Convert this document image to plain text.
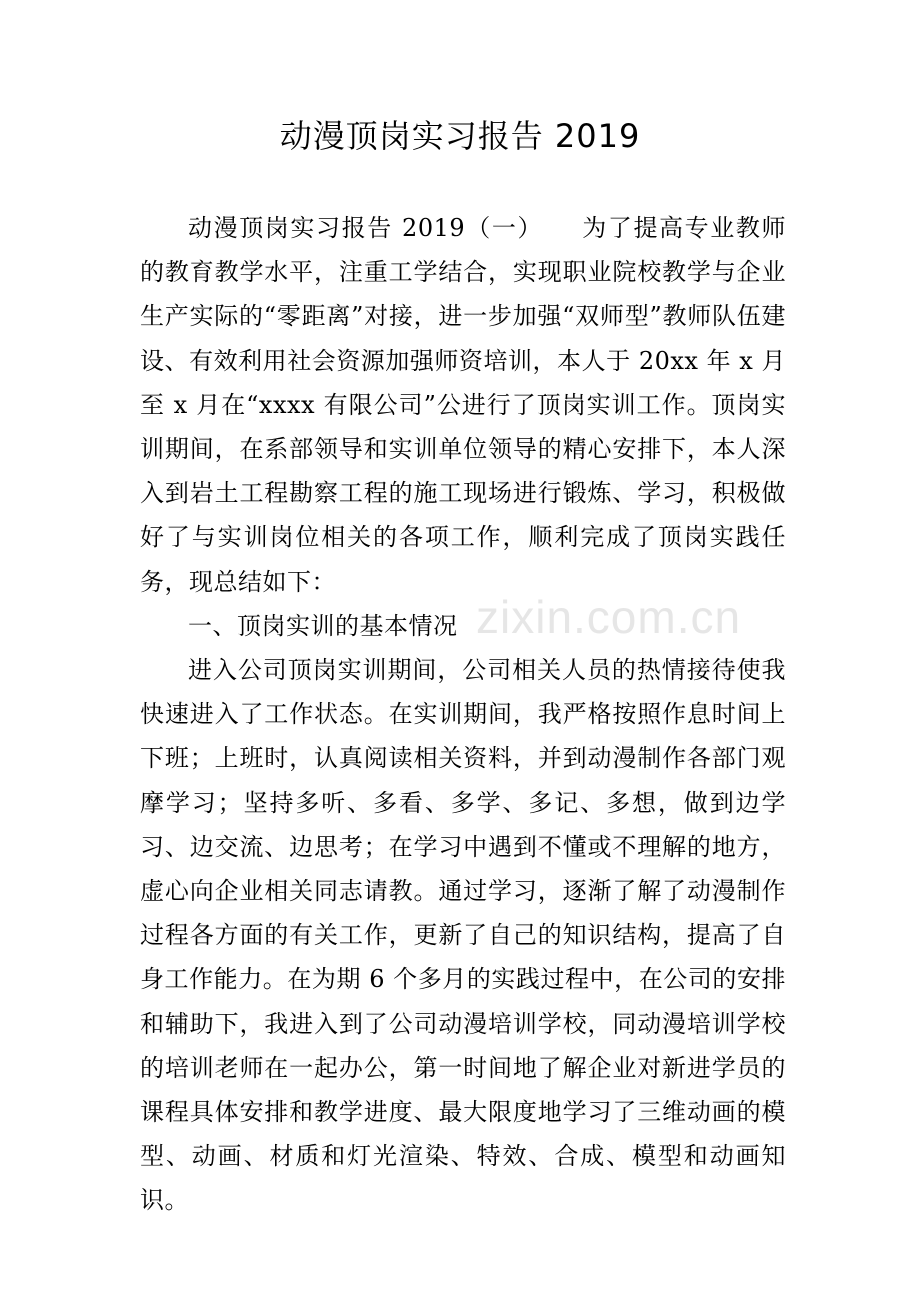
动漫顶岗实习报告 2019

动漫顶岗实习报告 2019（一）　　为了提高专业教师的教育教学水平，注重工学结合，实现职业院校教学与企业生产实际的“零距离”对接，进一步加强“双师型”教师队伍建设、有效利用社会资源加强师资培训，本人于 20xx 年 x 月至 x 月在“xxxx 有限公司”公进行了顶岗实训工作。顶岗实训期间，在系部领导和实训单位领导的精心安排下，本人深入到岩土工程勘察工程的施工现场进行锻炼、学习，积极做好了与实训岗位相关的各项工作，顺利完成了顶岗实践任务，现总结如下：

一、顶岗实训的基本情况

进入公司顶岗实训期间，公司相关人员的热情接待使我快速进入了工作状态。在实训期间，我严格按照作息时间上下班；上班时，认真阅读相关资料，并到动漫制作各部门观摩学习；坚持多听、多看、多学、多记、多想，做到边学习、边交流、边思考；在学习中遇到不懂或不理解的地方，虚心向企业相关同志请教。通过学习，逐渐了解了动漫制作过程各方面的有关工作，更新了自己的知识结构，提高了自身工作能力。在为期 6 个多月的实践过程中，在公司的安排和辅助下，我进入到了公司动漫培训学校，同动漫培训学校的培训老师在一起办公，第一时间地了解企业对新进学员的课程具体安排和教学进度、最大限度地学习了三维动画的模型、动画、材质和灯光渲染、特效、合成、模型和动画知识。

zixin.com.cn
